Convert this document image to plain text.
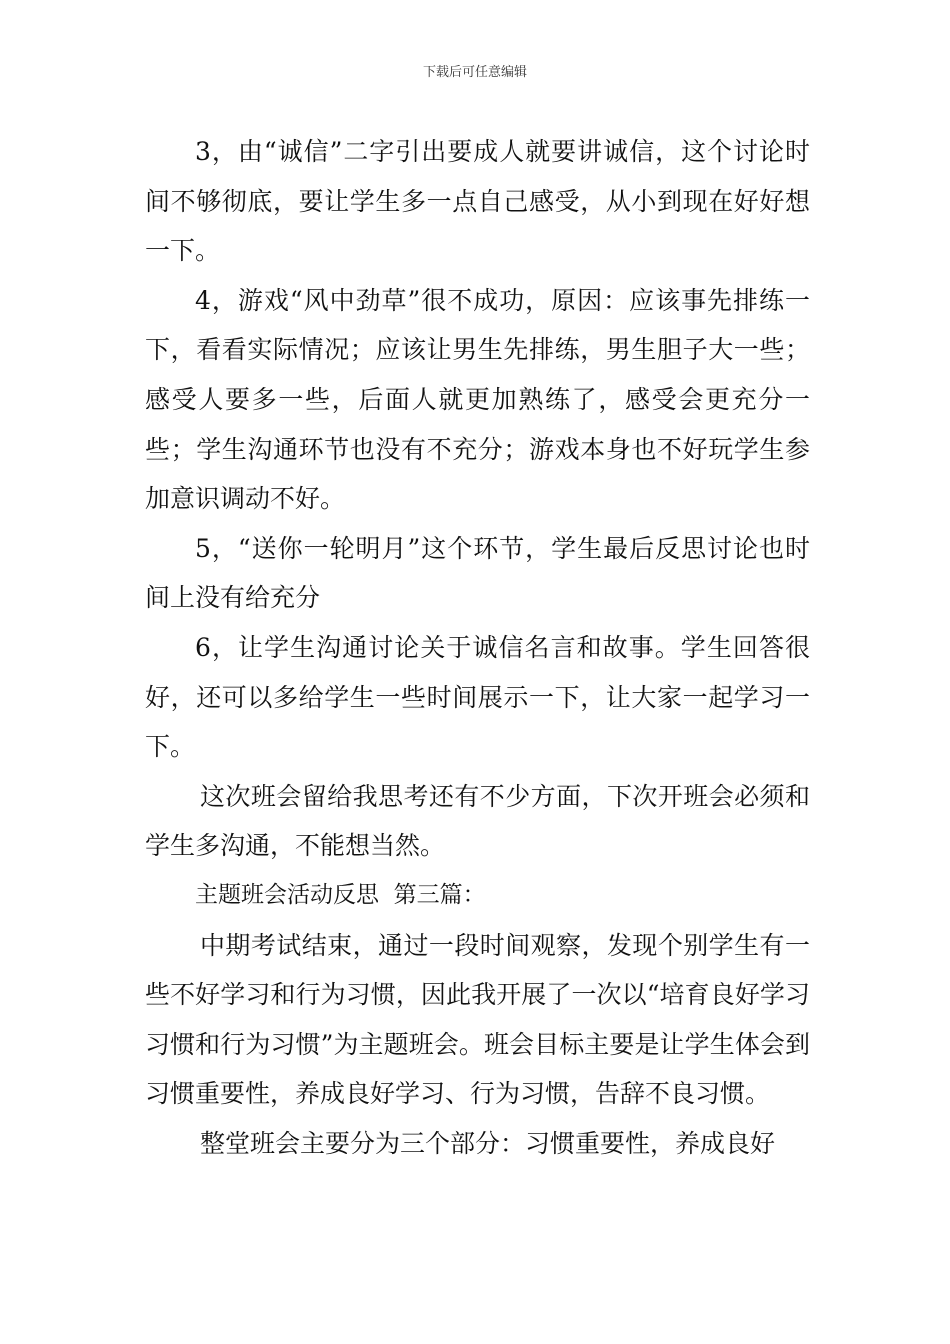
下载后可任意编辑

3，由“诚信”二字引出要成人就要讲诚信，这个讨论时间不够彻底，要让学生多一点自己感受，从小到现在好好想一下。

4，游戏“风中劲草”很不成功，原因：应该事先排练一下，看看实际情况；应该让男生先排练，男生胆子大一些；感受人要多一些，后面人就更加熟练了，感受会更充分一些；学生沟通环节也没有不充分；游戏本身也不好玩学生参加意识调动不好。

5，“送你一轮明月”这个环节，学生最后反思讨论也时间上没有给充分

6，让学生沟通讨论关于诚信名言和故事。学生回答很好，还可以多给学生一些时间展示一下，让大家一起学习一下。

这次班会留给我思考还有不少方面，下次开班会必须和学生多沟通，不能想当然。

主题班会活动反思  第三篇：

中期考试结束，通过一段时间观察，发现个别学生有一些不好学习和行为习惯，因此我开展了一次以“培育良好学习习惯和行为习惯”为主题班会。班会目标主要是让学生体会到习惯重要性，养成良好学习、行为习惯，告辞不良习惯。

整堂班会主要分为三个部分：习惯重要性，养成良好
